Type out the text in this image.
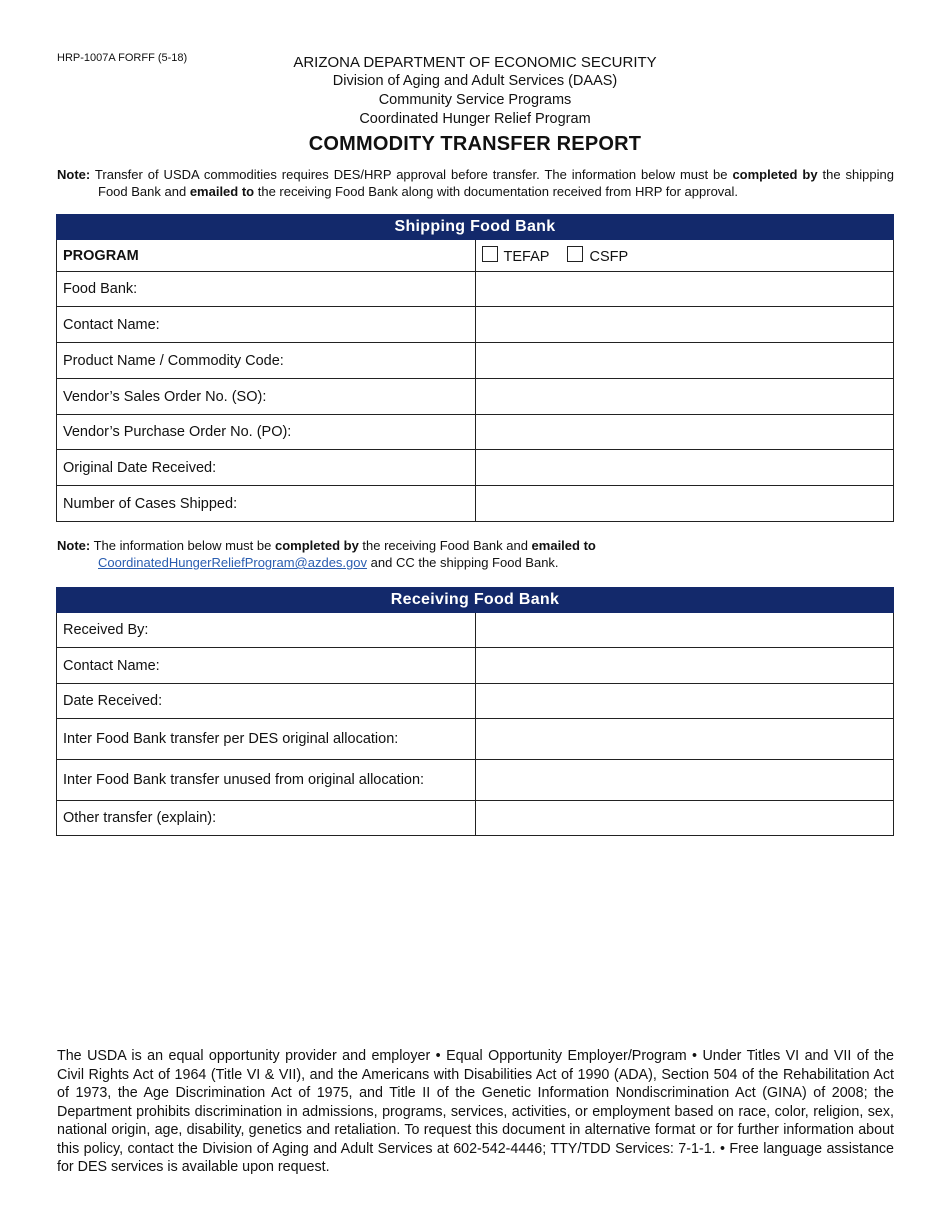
HRP-1007A FORFF (5-18)	ARIZONA DEPARTMENT OF ECONOMIC SECURITY
Division of Aging and Adult Services (DAAS)
Community Service Programs
Coordinated Hunger Relief Program
COMMODITY TRANSFER REPORT
Note: Transfer of USDA commodities requires DES/HRP approval before transfer. The information below must be completed by the shipping Food Bank and emailed to the receiving Food Bank along with documentation received from HRP for approval.
Shipping Food Bank	
PROGRAM	TEFAP CSFP
Food Bank:	
Contact Name:	
Product Name / Commodity Code:	
Vendor’s Sales Order No. (SO):	
Vendor’s Purchase Order No. (PO):	
Original Date Received:	
Number of Cases Shipped:	
Note: The information below must be completed by the receiving Food Bank and emailed to
CoordinatedHungerReliefProgram@azdes.gov and CC the shipping Food Bank.
Receiving Food Bank	
Received By:	
Contact Name:	
Date Received:	
Inter Food Bank transfer per DES original allocation:	
Inter Food Bank transfer unused from original allocation:	
Other transfer (explain):	
The USDA is an equal opportunity provider and employer • Equal Opportunity Employer/Program • Under Titles VI and VII of the Civil Rights Act of 1964 (Title VI & VII), and the Americans with Disabilities Act of 1990 (ADA), Section 504 of the Rehabilitation Act of 1973, the Age Discrimination Act of 1975, and Title II of the Genetic Information Nondiscrimination Act (GINA) of 2008; the Department prohibits discrimination in admissions, programs, services, activities, or employment based on race, color, religion, sex, national origin, age, disability, genetics and retaliation. To request this document in alternative format or for further information about this policy, contact the Division of Aging and Adult Services at 602-542-4446; TTY/TDD Services: 7-1-1. • Free language assistance for DES services is available upon request.
